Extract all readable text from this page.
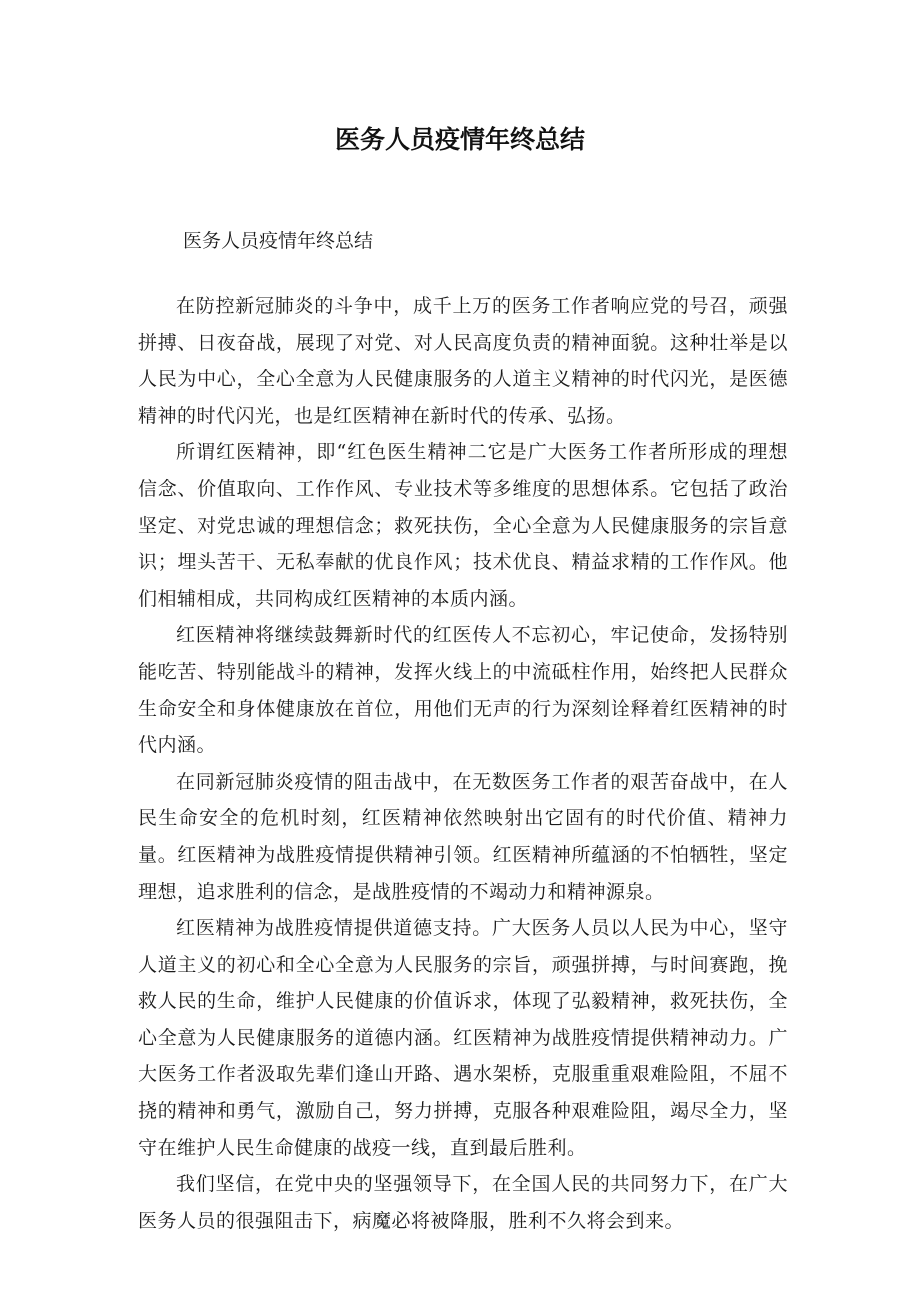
医务人员疫情年终总结

医务人员疫情年终总结

在防控新冠肺炎的斗争中，成千上万的医务工作者响应党的号召，顽强拼搏、日夜奋战，展现了对党、对人民高度负责的精神面貌。这种壮举是以人民为中心，全心全意为人民健康服务的人道主义精神的时代闪光，是医德精神的时代闪光，也是红医精神在新时代的传承、弘扬。

所谓红医精神，即“红色医生精神二它是广大医务工作者所形成的理想信念、价值取向、工作作风、专业技术等多维度的思想体系。它包括了政治坚定、对党忠诚的理想信念；救死扶伤，全心全意为人民健康服务的宗旨意识；埋头苦干、无私奉献的优良作风；技术优良、精益求精的工作作风。他们相辅相成，共同构成红医精神的本质内涵。

红医精神将继续鼓舞新时代的红医传人不忘初心，牢记使命，发扬特别能吃苦、特别能战斗的精神，发挥火线上的中流砥柱作用，始终把人民群众生命安全和身体健康放在首位，用他们无声的行为深刻诠释着红医精神的时代内涵。

在同新冠肺炎疫情的阻击战中，在无数医务工作者的艰苦奋战中，在人民生命安全的危机时刻，红医精神依然映射出它固有的时代价值、精神力量。红医精神为战胜疫情提供精神引领。红医精神所蕴涵的不怕牺牲，坚定理想，追求胜利的信念，是战胜疫情的不竭动力和精神源泉。

红医精神为战胜疫情提供道德支持。广大医务人员以人民为中心，坚守人道主义的初心和全心全意为人民服务的宗旨，顽强拼搏，与时间赛跑，挽救人民的生命，维护人民健康的价值诉求，体现了弘毅精神，救死扶伤，全心全意为人民健康服务的道德内涵。红医精神为战胜疫情提供精神动力。广大医务工作者汲取先辈们逢山开路、遇水架桥，克服重重艰难险阻，不屈不挠的精神和勇气，激励自己，努力拼搏，克服各种艰难险阻，竭尽全力，坚守在维护人民生命健康的战疫一线，直到最后胜利。

我们坚信，在党中央的坚强领导下，在全国人民的共同努力下，在广大医务人员的很强阻击下，病魔必将被降服，胜利不久将会到来。
